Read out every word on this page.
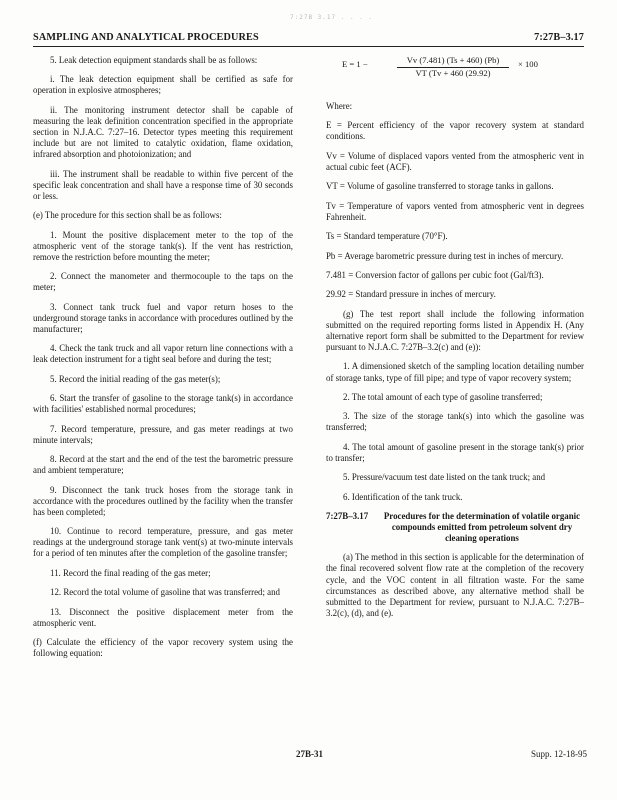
7:27B 3.17 . . . .
SAMPLING AND ANALYTICAL PROCEDURES	7:27B–3.17

5. Leak detection equipment standards shall be as follows:

i. The leak detection equipment shall be certified as safe for operation in explosive atmospheres;

ii. The monitoring instrument detector shall be capable of measuring the leak definition concentration specified in the appropriate section in N.J.A.C. 7:27–16. Detector types meeting this requirement include but are not limited to catalytic oxidation, flame oxidation, infrared absorption and photoionization; and

iii. The instrument shall be readable to within five percent of the specific leak concentration and shall have a response time of 30 seconds or less.

(e) The procedure for this section shall be as follows:

1. Mount the positive displacement meter to the top of the atmospheric vent of the storage tank(s). If the vent has restriction, remove the restriction before mounting the meter;

2. Connect the manometer and thermocouple to the taps on the meter;

3. Connect tank truck fuel and vapor return hoses to the underground storage tanks in accordance with procedures outlined by the manufacturer;

4. Check the tank truck and all vapor return line connections with a leak detection instrument for a tight seal before and during the test;

5. Record the initial reading of the gas meter(s);

6. Start the transfer of gasoline to the storage tank(s) in accordance with facilities' established normal procedures;

7. Record temperature, pressure, and gas meter readings at two minute intervals;

8. Record at the start and the end of the test the barometric pressure and ambient temperature;

9. Disconnect the tank truck hoses from the storage tank in accordance with the procedures outlined by the facility when the transfer has been completed;

10. Continue to record temperature, pressure, and gas meter readings at the underground storage tank vent(s) at two-minute intervals for a period of ten minutes after the completion of the gasoline transfer;

11. Record the final reading of the gas meter;

12. Record the total volume of gasoline that was transferred; and

13. Disconnect the positive displacement meter from the atmospheric vent.

(f) Calculate the efficiency of the vapor recovery system using the following equation:

E = 1 −	Vv (7.481) (Ts + 460) (Pb)
VT (Tv + 460 (29.92)
× 100

Where:

E = Percent efficiency of the vapor recovery system at standard conditions.

Vv = Volume of displaced vapors vented from the atmospheric vent in actual cubic feet (ACF).

VT = Volume of gasoline transferred to storage tanks in gallons.

Tv = Temperature of vapors vented from atmospheric vent in degrees Fahrenheit.

Ts = Standard temperature (70°F).

Pb = Average barometric pressure during test in inches of mercury.

7.481 = Conversion factor of gallons per cubic foot (Gal/ft3).

29.92 = Standard pressure in inches of mercury.

(g) The test report shall include the following information submitted on the required reporting forms listed in Appendix H. (Any alternative report form shall be submitted to the Department for review pursuant to N.J.A.C. 7:27B–3.2(c) and (e)):

1. A dimensioned sketch of the sampling location detailing number of storage tanks, type of fill pipe; and type of vapor recovery system;

2. The total amount of each type of gasoline transferred;

3. The size of the storage tank(s) into which the gasoline was transferred;

4. The total amount of gasoline present in the storage tank(s) prior to transfer;

5. Pressure/vacuum test date listed on the tank truck; and

6. Identification of the tank truck.

7:27B–3.17	Procedures for the determination of volatile organic compounds emitted from petroleum solvent dry cleaning operations

(a) The method in this section is applicable for the determination of the final recovered solvent flow rate at the completion of the recovery cycle, and the VOC content in all filtration waste. For the same circumstances as described above, any alternative method shall be submitted to the Department for review, pursuant to N.J.A.C. 7:27B–3.2(c), (d), and (e).

27B-31	Supp. 12-18-95
